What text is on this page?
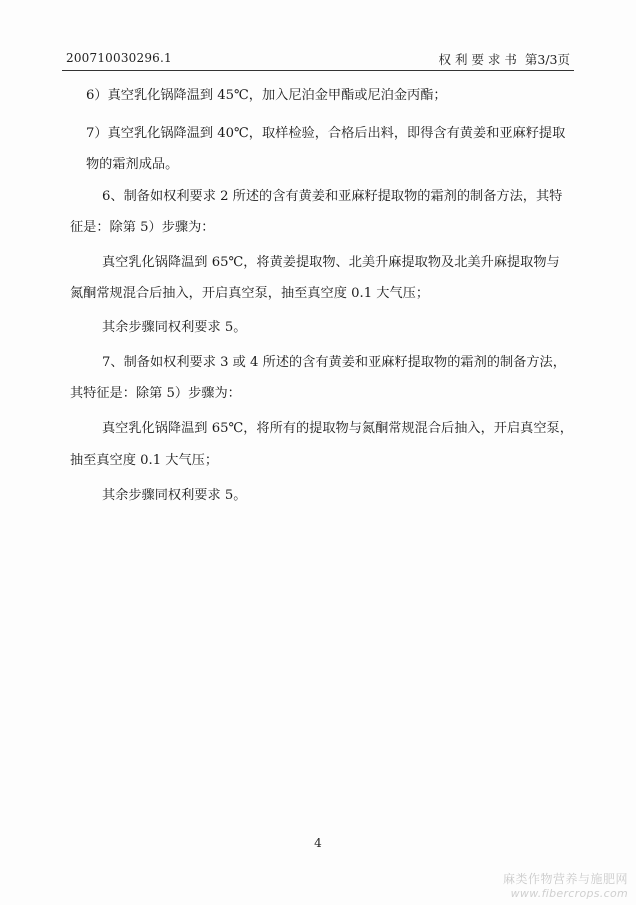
200710030296.1	权 利 要 求 书 第3/3页
6）真空乳化锅降温到 45℃，加入尼泊金甲酯或尼泊金丙酯；
7）真空乳化锅降温到 40℃，取样检验，合格后出料，即得含有黄姜和亚麻籽提取
物的霜剂成品。
6、制备如权利要求 2 所述的含有黄姜和亚麻籽提取物的霜剂的制备方法，其特
征是：除第 5）步骤为：
真空乳化锅降温到 65℃，将黄姜提取物、北美升麻提取物及北美升麻提取物与
氮酮常规混合后抽入，开启真空泵，抽至真空度 0.1 大气压；
其余步骤同权利要求 5。
7、制备如权利要求 3 或 4 所述的含有黄姜和亚麻籽提取物的霜剂的制备方法，
其特征是：除第 5）步骤为：
真空乳化锅降温到 65℃，将所有的提取物与氮酮常规混合后抽入，开启真空泵，
抽至真空度 0.1 大气压；
其余步骤同权利要求 5。
4
麻类作物营养与施肥网
www.fibercrops.com
